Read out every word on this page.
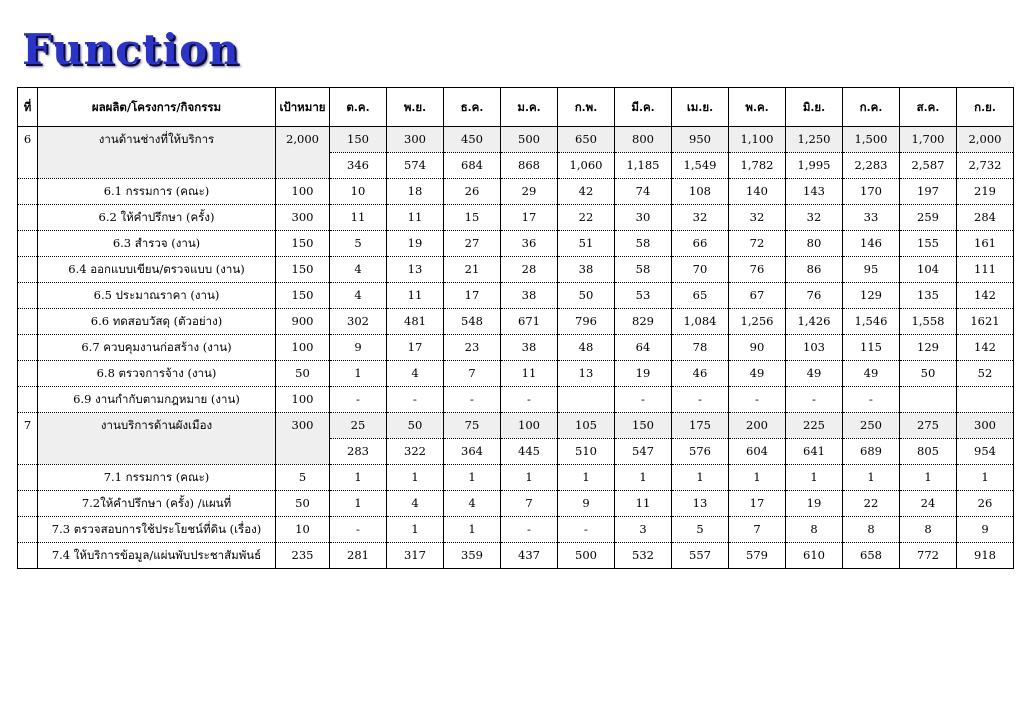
Function
ที่	ผลผลิต/โครงการ/กิจกรรม	เป้าหมาย	ต.ค.	พ.ย.	ธ.ค.	ม.ค.	ก.พ.	มี.ค.	เม.ย.	พ.ค.	มิ.ย.	ก.ค.	ส.ค.	ก.ย.
6	งานด้านช่างที่ให้บริการ	2,000	150	300	450	500	650	800	950	1,100	1,250	1,500	1,700	2,000
			346	574	684	868	1,060	1,185	1,549	1,782	1,995	2,283	2,587	2,732
	6.1 กรรมการ (คณะ)	100	10	18	26	29	42	74	108	140	143	170	197	219
	6.2 ให้คำปรึกษา (ครั้ง)	300	11	11	15	17	22	30	32	32	32	33	259	284
	6.3 สำรวจ (งาน)	150	5	19	27	36	51	58	66	72	80	146	155	161
	6.4 ออกแบบเขียน/ตรวจแบบ (งาน)	150	4	13	21	28	38	58	70	76	86	95	104	111
	6.5 ประมาณราคา (งาน)	150	4	11	17	38	50	53	65	67	76	129	135	142
	6.6 ทดสอบวัสดุ (ตัวอย่าง)	900	302	481	548	671	796	829	1,084	1,256	1,426	1,546	1,558	1621
	6.7 ควบคุมงานก่อสร้าง (งาน)	100	9	17	23	38	48	64	78	90	103	115	129	142
	6.8 ตรวจการจ้าง (งาน)	50	1	4	7	11	13	19	46	49	49	49	50	52
	6.9 งานกำกับตามกฎหมาย (งาน)	100	-	-	-	-		-	-	-	-	-		
7	งานบริการด้านผังเมือง	300	25	50	75	100	105	150	175	200	225	250	275	300
			283	322	364	445	510	547	576	604	641	689	805	954
	7.1 กรรมการ (คณะ)	5	1	1	1	1	1	1	1	1	1	1	1	1
	7.2ให้คำปรึกษา (ครั้ง) /แผนที่	50	1	4	4	7	9	11	13	17	19	22	24	26
	7.3 ตรวจสอบการใช้ประโยชน์ที่ดิน (เรื่อง)	10	-	1	1	-	-	3	5	7	8	8	8	9
	7.4 ให้บริการข้อมูล/แผ่นพับประชาสัมพันธ์	235	281	317	359	437	500	532	557	579	610	658	772	918
